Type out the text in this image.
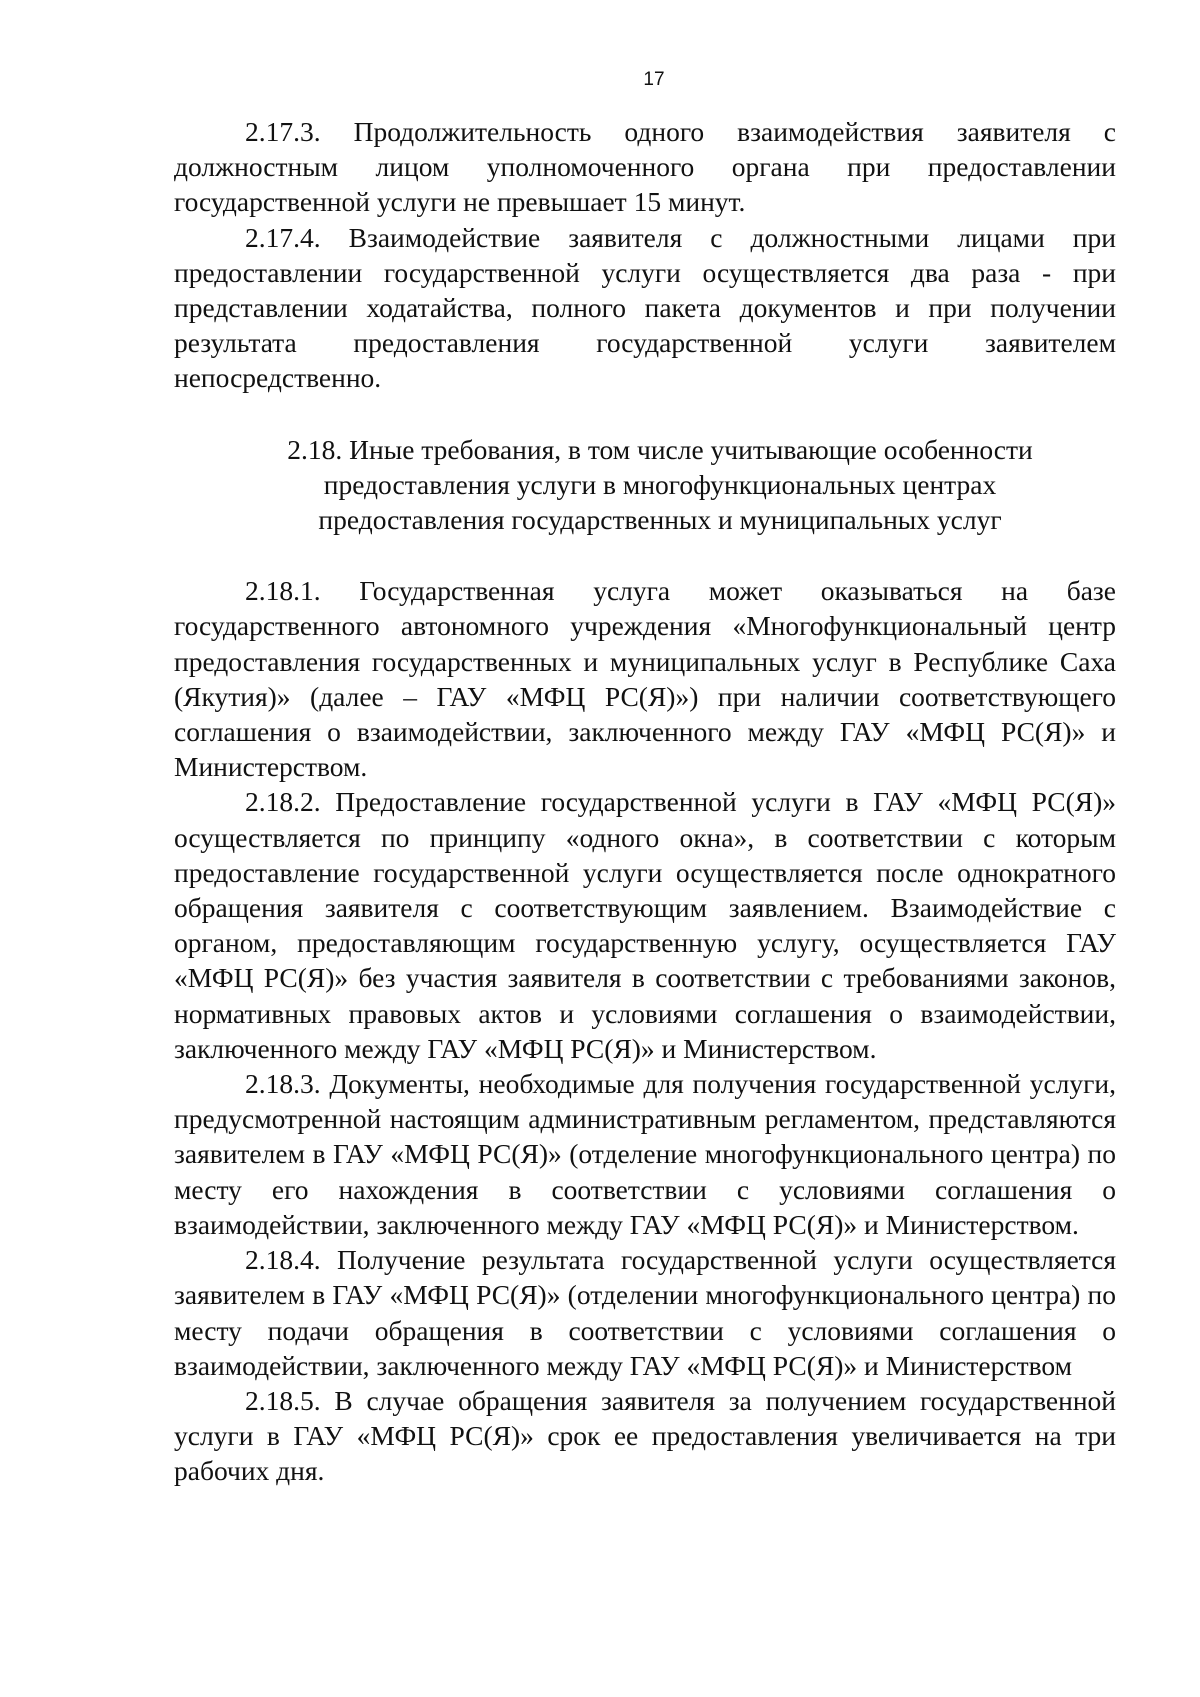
17

2.17.3. Продолжительность одного взаимодействия заявителя с должностным лицом уполномоченного органа при предоставлении государственной услуги не превышает 15 минут.

2.17.4. Взаимодействие заявителя с должностными лицами при предоставлении государственной услуги осуществляется два раза - при представлении ходатайства, полного пакета документов и при получении результата предоставления государственной услуги заявителем непосредственно.

2.18. Иные требования, в том числе учитывающие особенности
предоставления услуги в многофункциональных центрах
предоставления государственных и муниципальных услуг

2.18.1. Государственная услуга может оказываться на базе государственного автономного учреждения «Многофункциональный центр предоставления государственных и муниципальных услуг в Республике Саха (Якутия)» (далее – ГАУ «МФЦ РС(Я)») при наличии соответствующего соглашения о взаимодействии, заключенного между ГАУ «МФЦ РС(Я)» и Министерством.

2.18.2. Предоставление государственной услуги в ГАУ «МФЦ РС(Я)» осуществляется по принципу «одного окна», в соответствии с которым предоставление государственной услуги осуществляется после однократного обращения заявителя с соответствующим заявлением. Взаимодействие с органом, предоставляющим государственную услугу, осуществляется ГАУ «МФЦ РС(Я)» без участия заявителя в соответствии с требованиями законов, нормативных правовых актов и условиями соглашения о взаимодействии, заключенного между ГАУ «МФЦ РС(Я)» и Министерством.

2.18.3. Документы, необходимые для получения государственной услуги, предусмотренной настоящим административным регламентом, представляются заявителем в ГАУ «МФЦ РС(Я)» (отделение многофункционального центра) по месту его нахождения в соответствии с условиями соглашения о взаимодействии, заключенного между ГАУ «МФЦ РС(Я)» и Министерством.

2.18.4. Получение результата государственной услуги осуществляется заявителем в ГАУ «МФЦ РС(Я)» (отделении многофункционального центра) по месту подачи обращения в соответствии с условиями соглашения о взаимодействии, заключенного между ГАУ «МФЦ РС(Я)» и Министерством

2.18.5. В случае обращения заявителя за получением государственной услуги в ГАУ «МФЦ РС(Я)» срок ее предоставления увеличивается на три рабочих дня.
